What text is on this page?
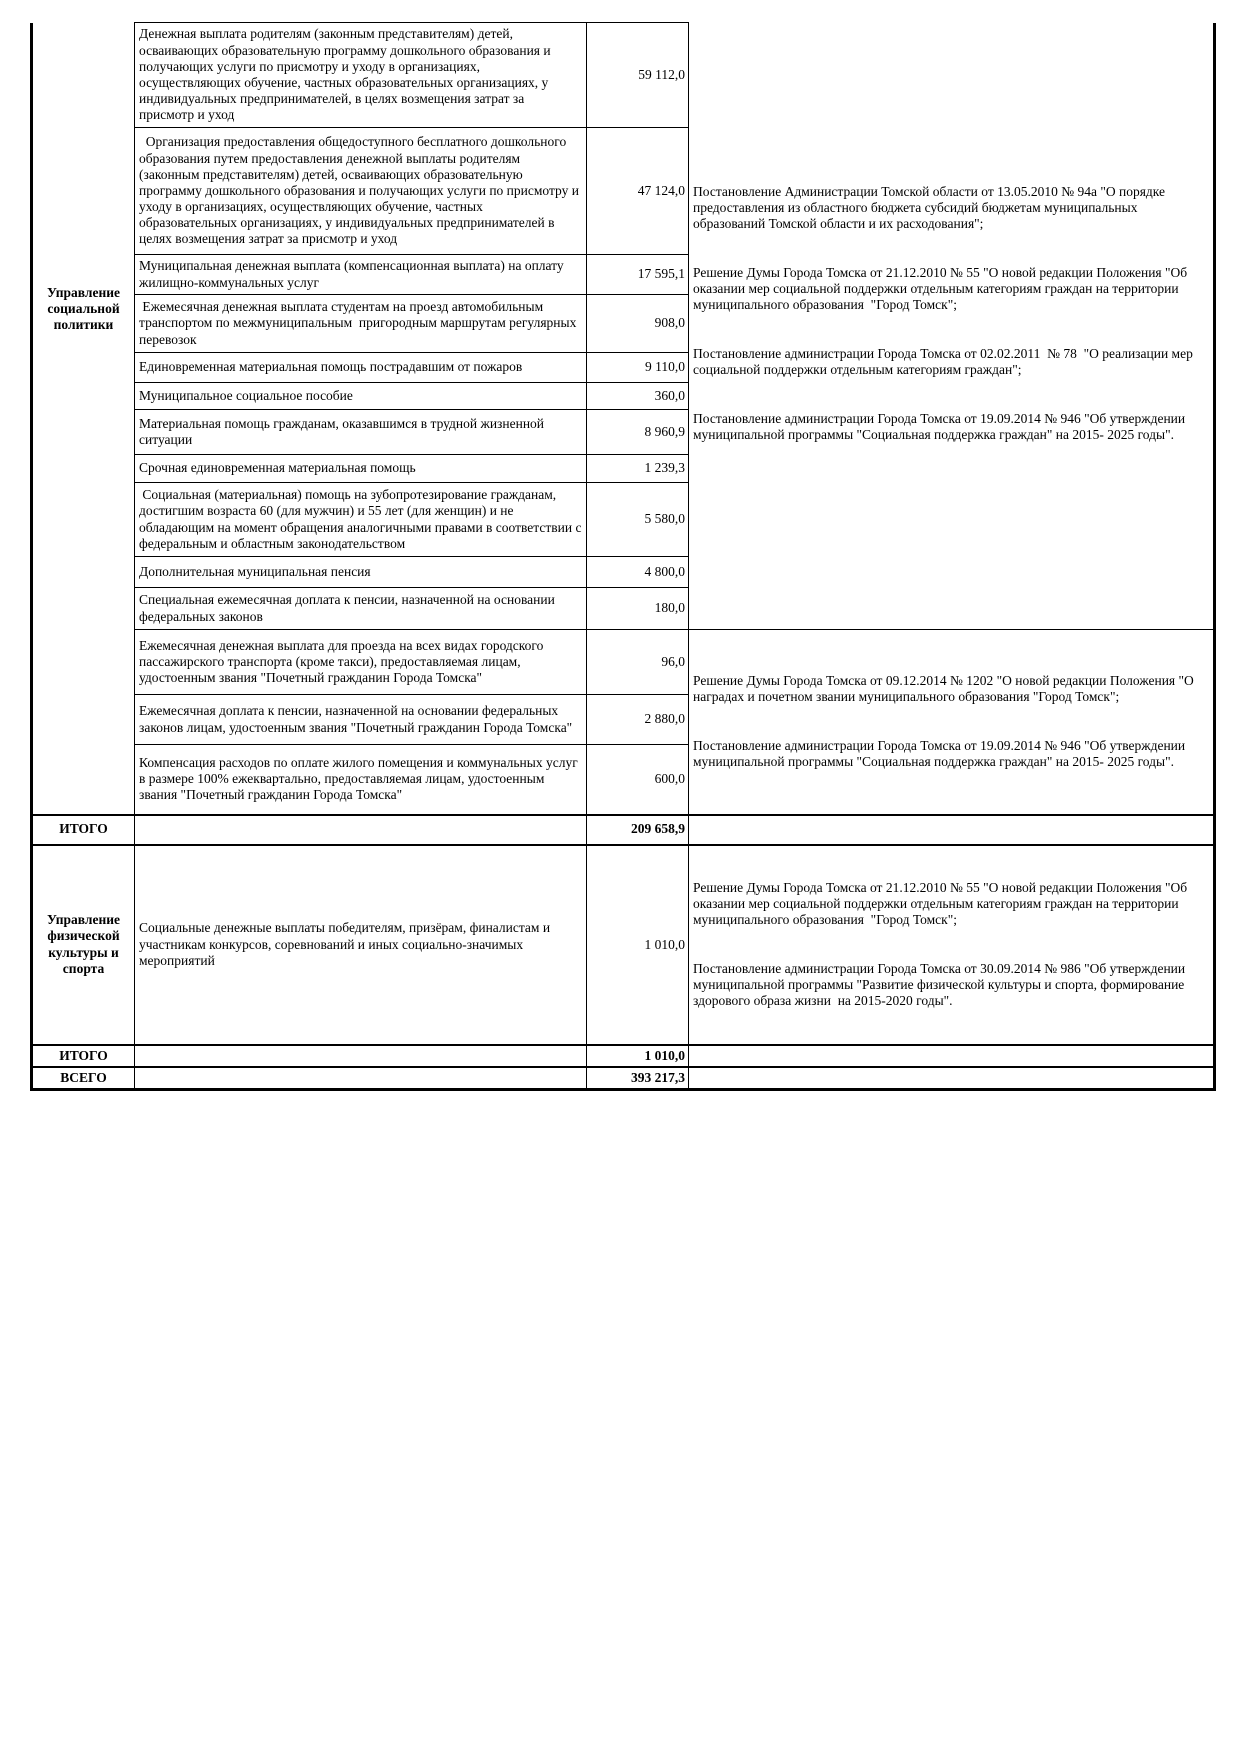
Управление социальной политики	Денежная выплата родителям (законным представителям) детей, осваивающих образовательную программу дошкольного образования и получающих услуги по присмотру и уходу в организациях, осуществляющих обучение, частных образовательных организациях, у индивидуальных предпринимателей, в целях возмещения затрат за присмотр и уход	59 112,0	

Постановление Администрации Томской области от 13.05.2010 № 94а "О порядке предоставления из областного бюджета субсидий бюджетам муниципальных образований Томской области и их расходования";

Решение Думы Города Томска от 21.12.2010 № 55 "О новой редакции Положения "Об оказании мер социальной поддержки отдельным категориям граждан на территории муниципального образования  "Город Томск";

Постановление администрации Города Томска от 02.02.2011  № 78  "О реализации мер социальной поддержки отдельным категориям граждан";

Постановление администрации Города Томска от 19.09.2014 № 946 "Об утверждении муниципальной программы "Социальная поддержка граждан" на 2015- 2025 годы".

	Организация предоставления общедоступного бесплатного дошкольного образования путем предоставления денежной выплаты родителям (законным представителям) детей, осваивающих образовательную программу дошкольного образования и получающих услуги по присмотру и уходу в организациях, осуществляющих обучение, частных образовательных организациях, у индивидуальных предпринимателей в целях возмещения затрат за присмотр и уход	47 124,0	
	Муниципальная денежная выплата (компенсационная выплата) на оплату жилищно-коммунальных услуг	17 595,1	
	Ежемесячная денежная выплата студентам на проезд автомобильным транспортом по межмуниципальным  пригородным маршрутам регулярных перевозок	908,0	
	Единовременная материальная помощь пострадавшим от пожаров	9 110,0	
	Муниципальное социальное пособие	360,0	
	Материальная помощь гражданам, оказавшимся в трудной жизненной ситуации	8 960,9	
	Срочная единовременная материальная помощь	1 239,3	
	Социальная (материальная) помощь на зубопротезирование гражданам, достигшим возраста 60 (для мужчин) и 55 лет (для женщин) и не обладающим на момент обращения аналогичными правами в соответствии с федеральным и областным законодательством	5 580,0	
	Дополнительная муниципальная пенсия	4 800,0	
	Специальная ежемесячная доплата к пенсии, назначенной на основании федеральных законов	180,0	
	Ежемесячная денежная выплата для проезда на всех видах городского пассажирского транспорта (кроме такси), предоставляемая лицам, удостоенным звания "Почетный гражданин Города Томска"	96,0	Решение Думы Города Томска от 09.12.2014 № 1202 "О новой редакции Положения "О наградах и почетном звании муниципального образования "Город Томск";

Постановление администрации Города Томска от 19.09.2014 № 946 "Об утверждении муниципальной программы "Социальная поддержка граждан" на 2015- 2025 годы".

	Ежемесячная доплата к пенсии, назначенной на основании федеральных законов лицам, удостоенным звания "Почетный гражданин Города Томска"	2 880,0	
	Компенсация расходов по оплате жилого помещения и коммунальных услуг в размере 100% ежеквартально, предоставляемая лицам, удостоенным звания "Почетный гражданин Города Томска"	600,0	
ИТОГО		209 658,9	
Управление физической культуры и спорта	Социальные денежные выплаты победителям, призёрам, финалистам и участникам конкурсов, соревнований и иных социально-значимых мероприятий	1 010,0	Решение Думы Города Томска от 21.12.2010 № 55 "О новой редакции Положения "Об оказании мер социальной поддержки отдельным категориям граждан на территории муниципального образования  "Город Томск";

Постановление администрации Города Томска от 30.09.2014 № 986 "Об утверждении муниципальной программы "Развитие физической культуры и спорта, формирование здорового образа жизни  на 2015-2020 годы".

ИТОГО		1 010,0	
ВСЕГО		393 217,3	
